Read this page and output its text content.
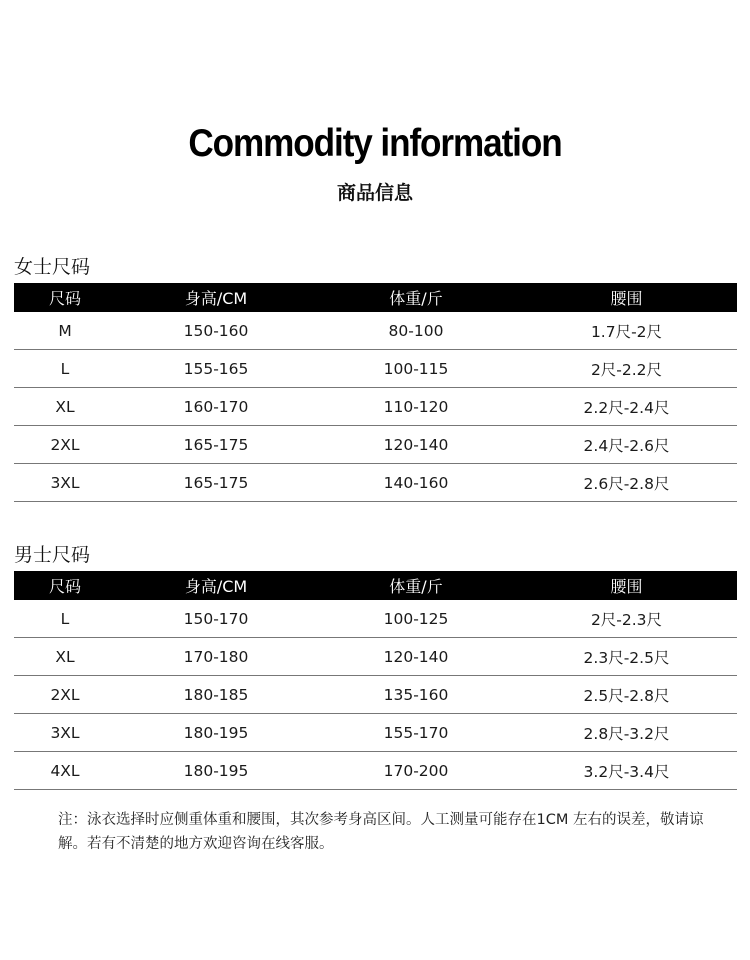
Commodity information
商品信息
女士尺码
尺码	身高/CM	体重/斤	腰围
M	150-160	80-100	1.7尺-2尺
L	155-165	100-115	2尺-2.2尺
XL	160-170	110-120	2.2尺-2.4尺
2XL	165-175	120-140	2.4尺-2.6尺
3XL	165-175	140-160	2.6尺-2.8尺
男士尺码
尺码	身高/CM	体重/斤	腰围
L	150-170	100-125	2尺-2.3尺
XL	170-180	120-140	2.3尺-2.5尺
2XL	180-185	135-160	2.5尺-2.8尺
3XL	180-195	155-170	2.8尺-3.2尺
4XL	180-195	170-200	3.2尺-3.4尺
注：泳衣选择时应侧重体重和腰围，其次参考身高区间。人工测量可能存在1CM 左右的误差，敬请谅解。若有不清楚的地方欢迎咨询在线客服。
